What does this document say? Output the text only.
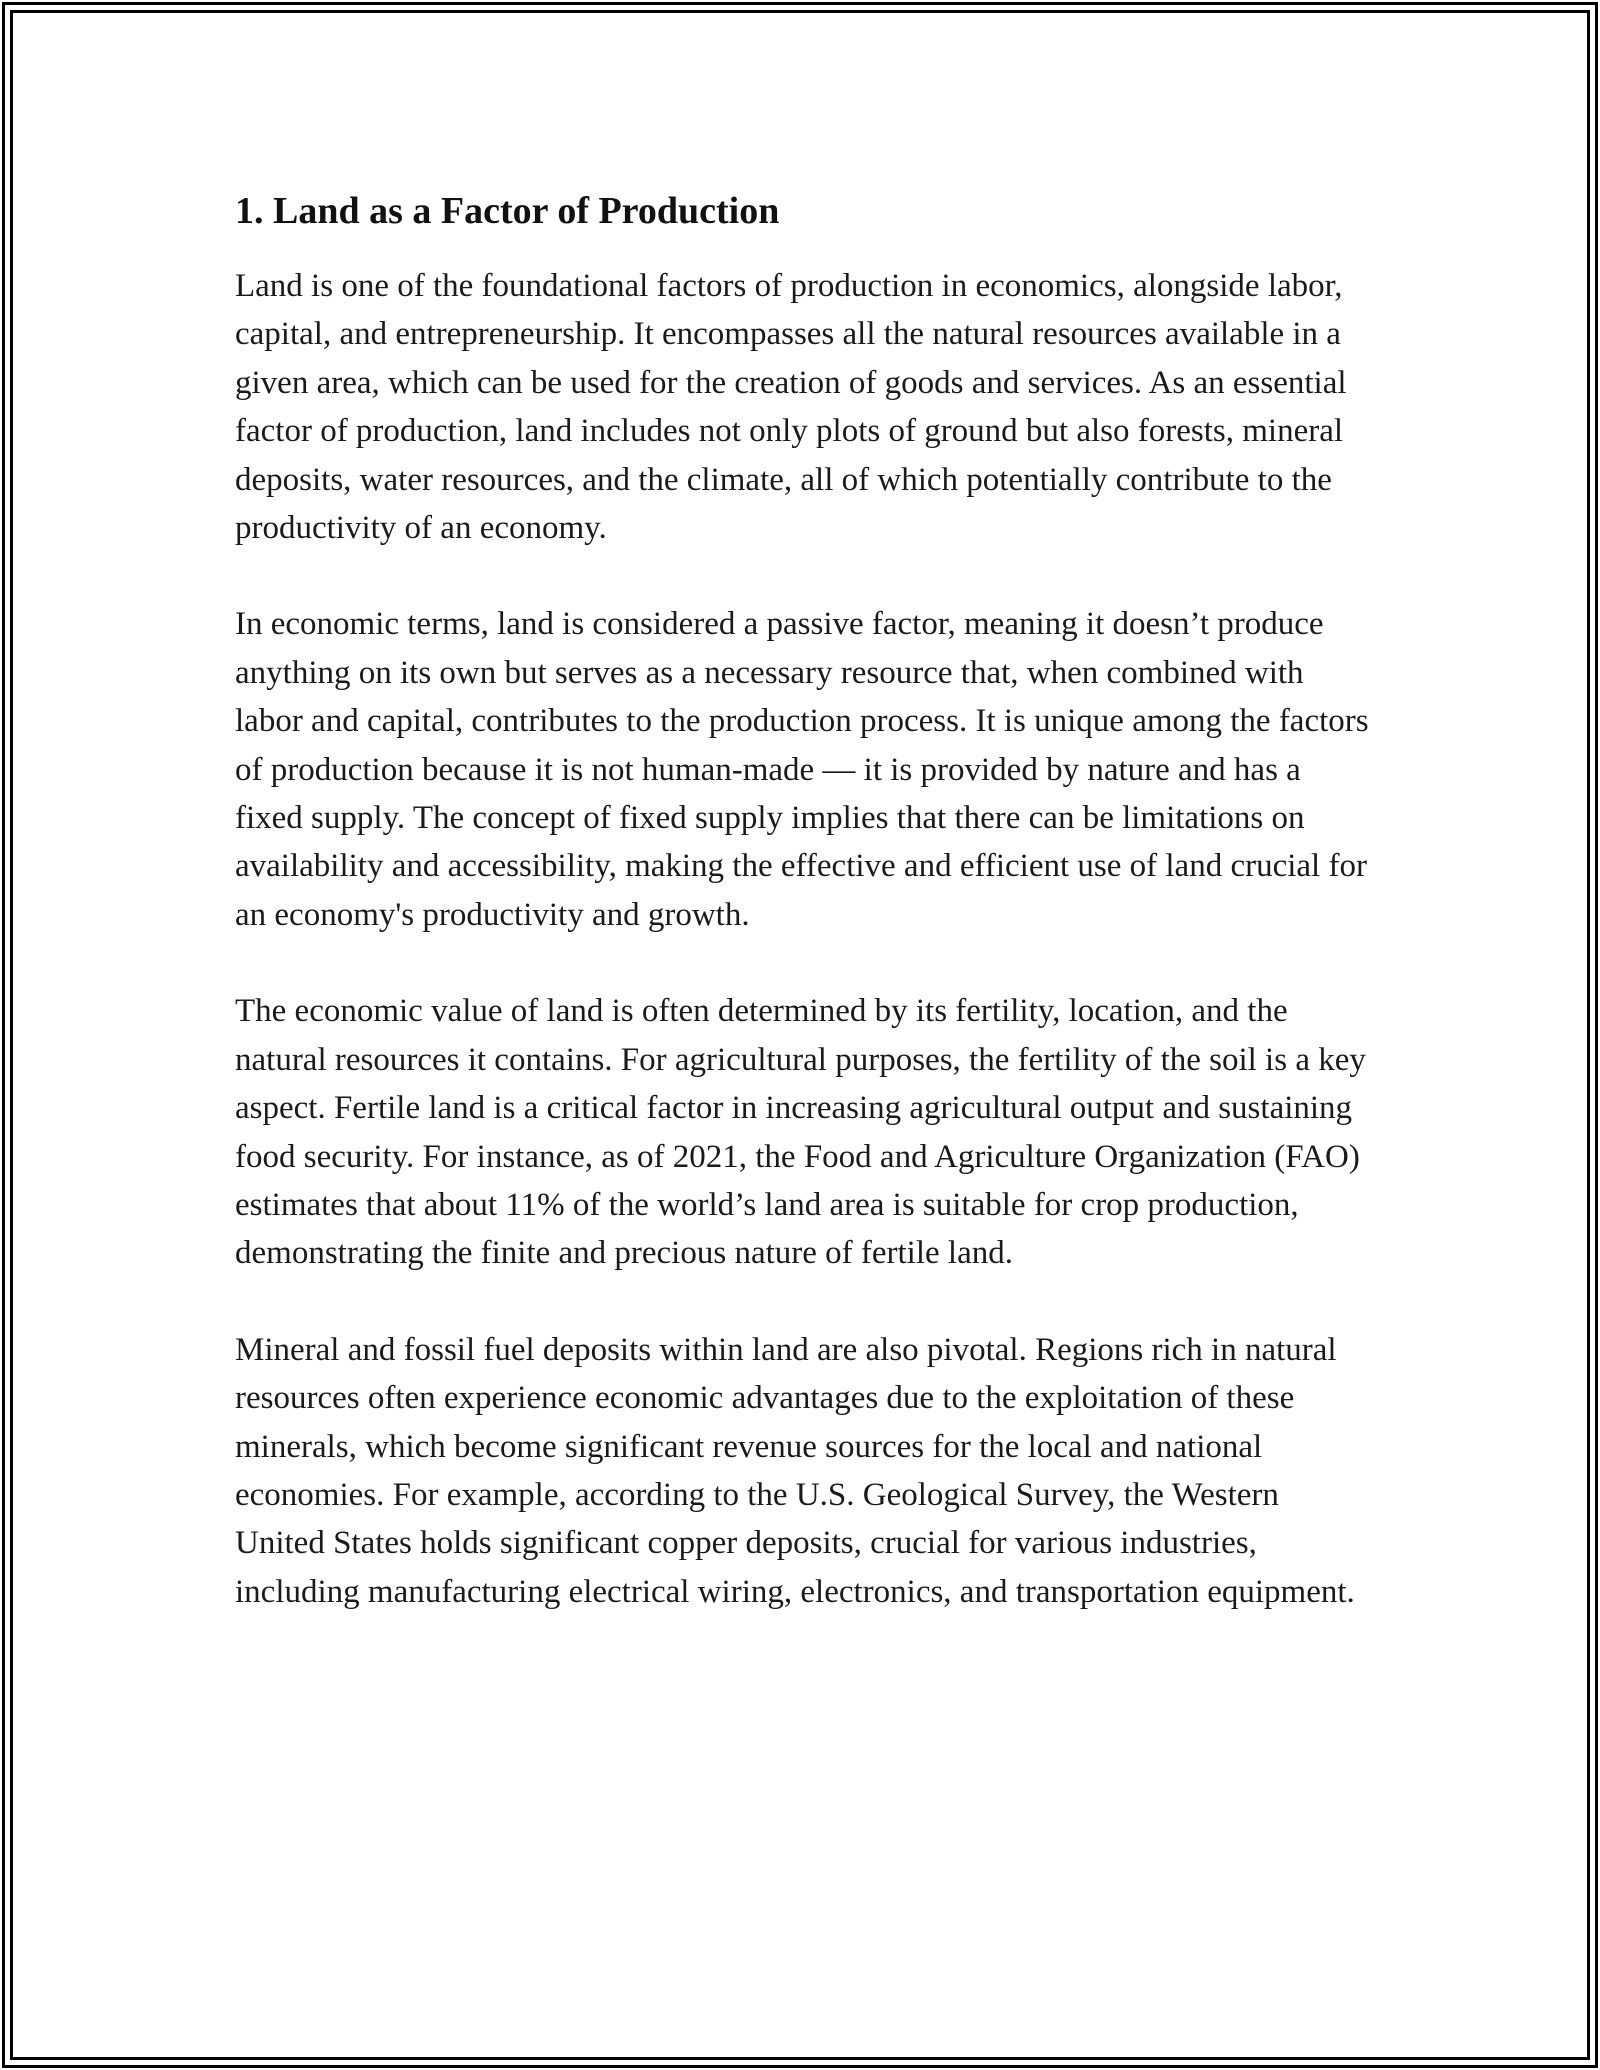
1. Land as a Factor of Production

Land is one of the foundational factors of production in economics, alongside labor, capital, and entrepreneurship. It encompasses all the natural resources available in a given area, which can be used for the creation of goods and services. As an essential factor of production, land includes not only plots of ground but also forests, mineral deposits, water resources, and the climate, all of which potentially contribute to the productivity of an economy.

In economic terms, land is considered a passive factor, meaning it doesn’t produce anything on its own but serves as a necessary resource that, when combined with labor and capital, contributes to the production process. It is unique among the factors of production because it is not human-made — it is provided by nature and has a fixed supply. The concept of fixed supply implies that there can be limitations on availability and accessibility, making the effective and efficient use of land crucial for an economy's productivity and growth.

The economic value of land is often determined by its fertility, location, and the natural resources it contains. For agricultural purposes, the fertility of the soil is a key aspect. Fertile land is a critical factor in increasing agricultural output and sustaining food security. For instance, as of 2021, the Food and Agriculture Organization (FAO) estimates that about 11% of the world’s land area is suitable for crop production, demonstrating the finite and precious nature of fertile land.

Mineral and fossil fuel deposits within land are also pivotal. Regions rich in natural resources often experience economic advantages due to the exploitation of these minerals, which become significant revenue sources for the local and national economies. For example, according to the U.S. Geological Survey, the Western United States holds significant copper deposits, crucial for various industries, including manufacturing electrical wiring, electronics, and transportation equipment.
